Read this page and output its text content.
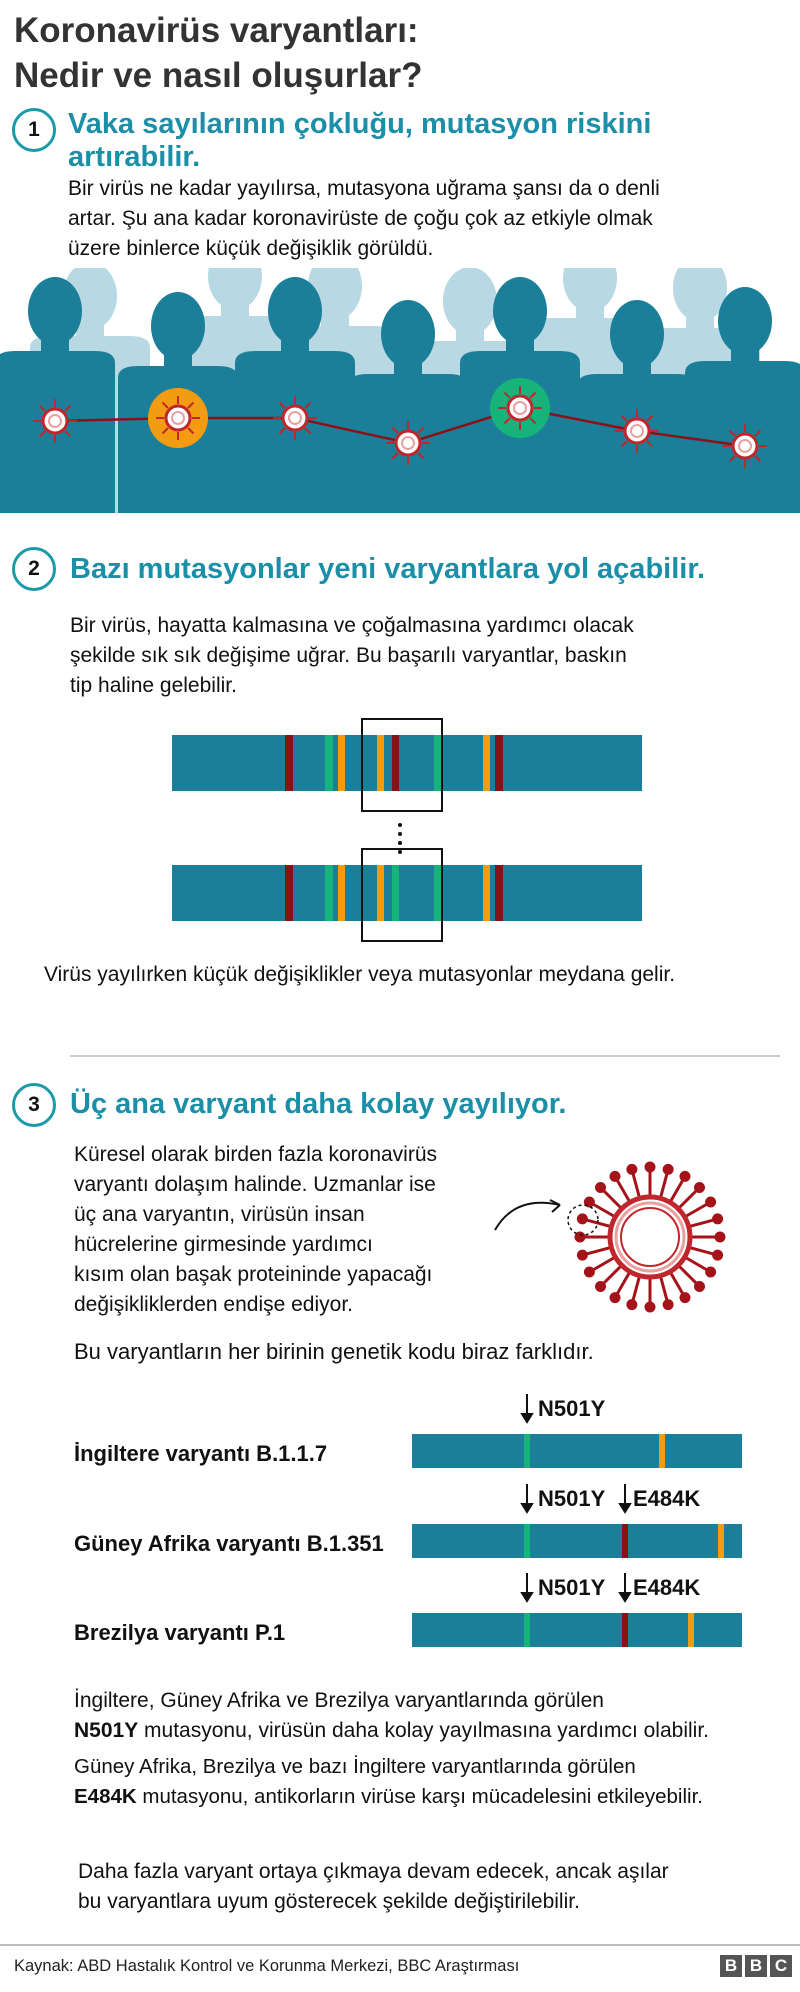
Koronavirüs varyantları:
Nedir ve nasıl oluşurlar?
1 Vaka sayılarının çokluğu, mutasyon riskini
artırabilir.
Bir virüs ne kadar yayılırsa, mutasyona uğrama şansı da o denli
artar. Şu ana kadar koronavirüste de çoğu çok az etkiyle olmak
üzere binlerce küçük değişiklik görüldü.
2	Bazı mutasyonlar yeni varyantlara yol açabilir.
Bir virüs, hayatta kalmasına ve çoğalmasına yardımcı olacak
şekilde sık sık değişime uğrar. Bu başarılı varyantlar, baskın
tip haline gelebilir.
Virüs yayılırken küçük değişiklikler veya mutasyonlar meydana gelir.
3	Üç ana varyant daha kolay yayılıyor.
Küresel olarak birden fazla koronavirüs
varyantı dolaşım halinde. Uzmanlar ise
üç ana varyantın, virüsün insan
hücrelerine girmesinde yardımcı
kısım olan başak proteininde yapacağı
değişikliklerden endişe ediyor.
Bu varyantların her birinin genetik kodu biraz farklıdır.
İngiltere varyantı B.1.1.7
Güney Afrika varyantı B.1.351
Brezilya varyantı P.1
N501Y
N501Y E484K
N501Y E484K
İngiltere, Güney Afrika ve Brezilya varyantlarında görülen
N501Y mutasyonu, virüsün daha kolay yayılmasına yardımcı olabilir.
Güney Afrika, Brezilya ve bazı İngiltere varyantlarında görülen
E484K mutasyonu, antikorların virüse karşı mücadelesini etkileyebilir.
Daha fazla varyant ortaya çıkmaya devam edecek, ancak aşılar
bu varyantlara uyum gösterecek şekilde değiştirilebilir.
Kaynak: ABD Hastalık Kontrol ve Korunma Merkezi, BBC Araştırması	B B C
